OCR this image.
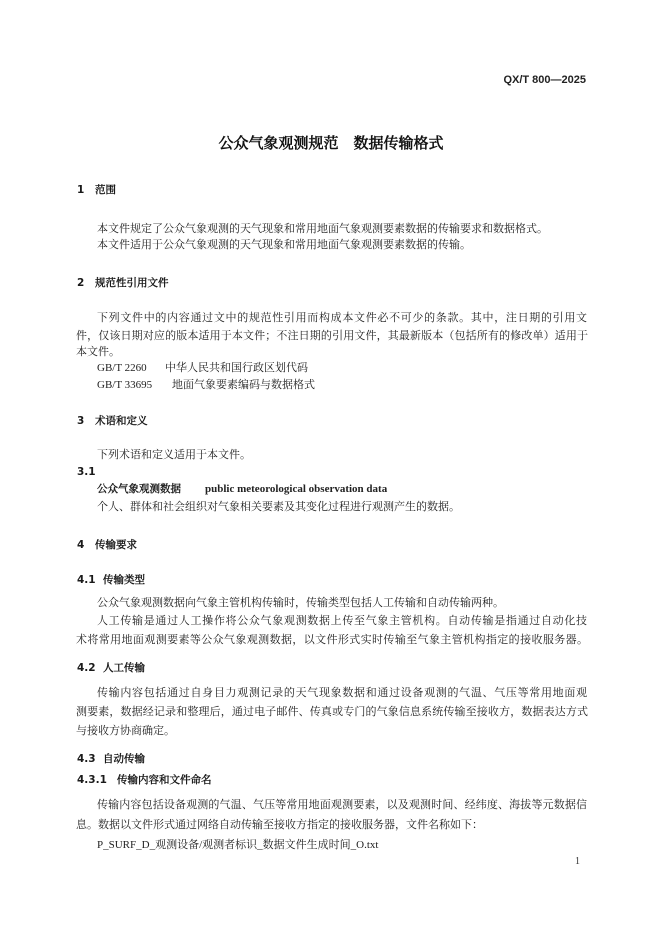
QX/T 800—2025
公众气象观测规范　数据传输格式
1 范围
本文件规定了公众气象观测的天气现象和常用地面气象观测要素数据的传输要求和数据格式。
本文件适用于公众气象观测的天气现象和常用地面气象观测要素数据的传输。
2 规范性引用文件
下列文件中的内容通过文中的规范性引用而构成本文件必不可少的条款。其中，注日期的引用文
件，仅该日期对应的版本适用于本文件；不注日期的引用文件，其最新版本（包括所有的修改单）适用于
本文件。
GB/T 2260 中华人民共和国行政区划代码
GB/T 33695 地面气象要素编码与数据格式
3 术语和定义
下列术语和定义适用于本文件。
3.1
公众气象观测数据 public meteorological observation data
个人、群体和社会组织对气象相关要素及其变化过程进行观测产生的数据。
4 传输要求
4.1 传输类型
公众气象观测数据向气象主管机构传输时，传输类型包括人工传输和自动传输两种。
人工传输是通过人工操作将公众气象观测数据上传至气象主管机构。自动传输是指通过自动化技
术将常用地面观测要素等公众气象观测数据，以文件形式实时传输至气象主管机构指定的接收服务器。
4.2 人工传输
传输内容包括通过自身目力观测记录的天气现象数据和通过设备观测的气温、气压等常用地面观
测要素，数据经记录和整理后，通过电子邮件、传真或专门的气象信息系统传输至接收方，数据表达方式
与接收方协商确定。
4.3 自动传输
4.3.1 传输内容和文件命名
传输内容包括设备观测的气温、气压等常用地面观测要素，以及观测时间、经纬度、海拔等元数据信
息。数据以文件形式通过网络自动传输至接收方指定的接收服务器，文件名称如下：
P_SURF_D_观测设备/观测者标识_数据文件生成时间_O.txt
1
